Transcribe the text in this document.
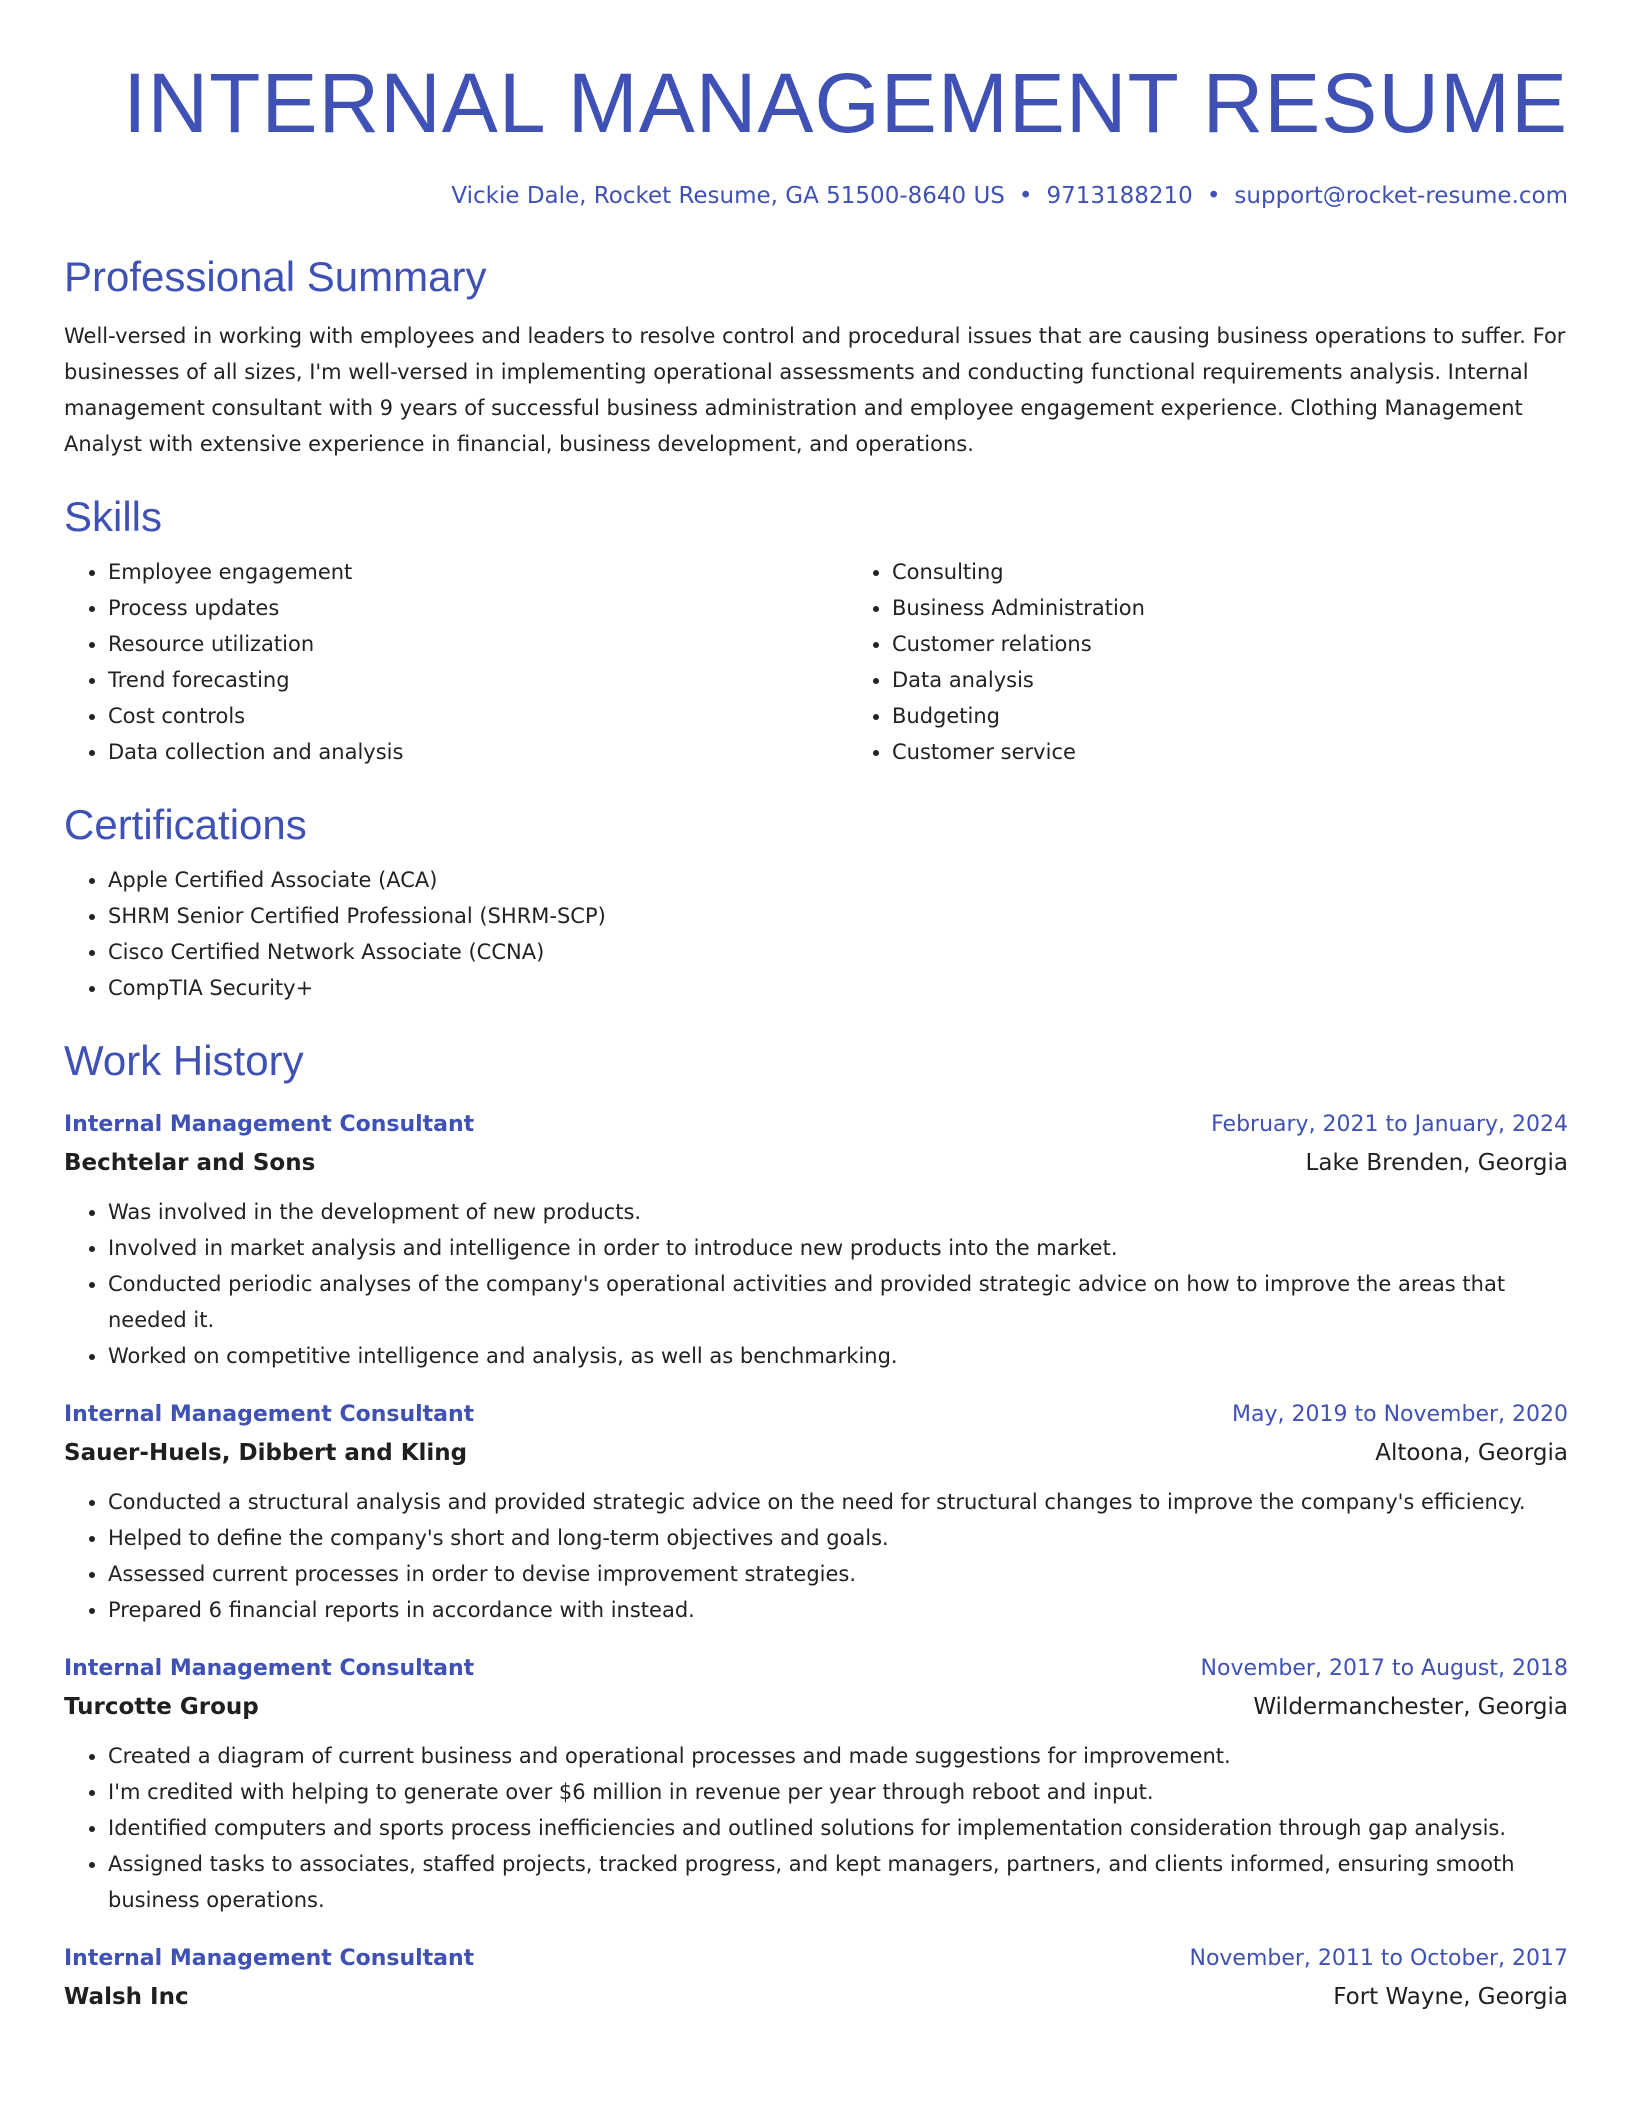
INTERNAL MANAGEMENT RESUME
Vickie Dale, Rocket Resume, GA 51500-8640 US • 9713188210 • support@rocket-resume.com
Professional Summary

Well-versed in working with employees and leaders to resolve control and procedural issues that are causing business operations to suffer. For businesses of all sizes, I'm well-versed in implementing operational assessments and conducting functional requirements analysis. Internal management consultant with 9 years of successful business administration and employee engagement experience. Clothing Management Analyst with extensive experience in financial, business development, and operations.

Skills
• Employee engagement
• Process updates
• Resource utilization
• Trend forecasting
• Cost controls
• Data collection and analysis
• Consulting
• Business Administration
• Customer relations
• Data analysis
• Budgeting
• Customer service
Certifications
• Apple Certified Associate (ACA)
• SHRM Senior Certified Professional (SHRM-SCP)
• Cisco Certified Network Associate (CCNA)
• CompTIA Security+
Work History
Internal Management Consultant	February, 2021 to January, 2024
Bechtelar and Sons	Lake Brenden, Georgia
• Was involved in the development of new products.
• Involved in market analysis and intelligence in order to introduce new products into the market.
• Conducted periodic analyses of the company's operational activities and provided strategic advice on how to improve the areas that needed it.
• Worked on competitive intelligence and analysis, as well as benchmarking.
Internal Management Consultant	May, 2019 to November, 2020
Sauer-Huels, Dibbert and Kling	Altoona, Georgia
• Conducted a structural analysis and provided strategic advice on the need for structural changes to improve the company's efficiency.
• Helped to define the company's short and long-term objectives and goals.
• Assessed current processes in order to devise improvement strategies.
• Prepared 6 financial reports in accordance with instead.
Internal Management Consultant	November, 2017 to August, 2018
Turcotte Group	Wildermanchester, Georgia
• Created a diagram of current business and operational processes and made suggestions for improvement.
• I'm credited with helping to generate over $6 million in revenue per year through reboot and input.
• Identified computers and sports process inefficiencies and outlined solutions for implementation consideration through gap analysis.
• Assigned tasks to associates, staffed projects, tracked progress, and kept managers, partners, and clients informed, ensuring smooth business operations.
Internal Management Consultant	November, 2011 to October, 2017
Walsh Inc	Fort Wayne, Georgia
